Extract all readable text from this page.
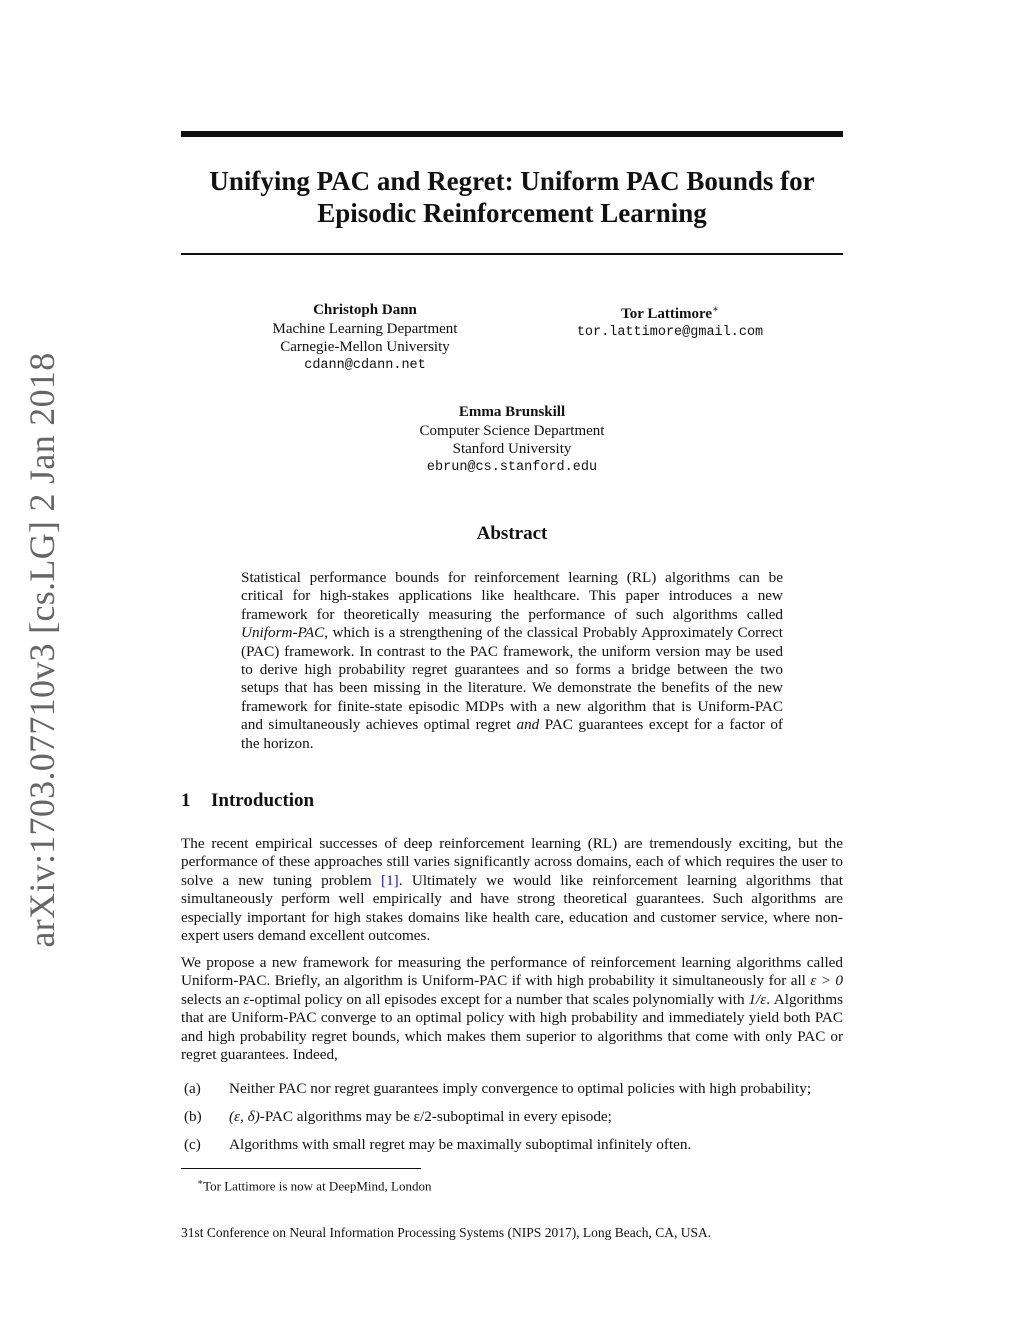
arXiv:1703.07710v3 [cs.LG] 2 Jan 2018
Unifying PAC and Regret: Uniform PAC Bounds for
Episodic Reinforcement Learning
Christoph Dann
Machine Learning Department
Carnegie-Mellon University
cdann@cdann.net
Tor Lattimore∗
tor.lattimore@gmail.com
Emma Brunskill
Computer Science Department
Stanford University
ebrun@cs.stanford.edu
Abstract

Statistical performance bounds for reinforcement learning (RL) algorithms can be critical for high-stakes applications like healthcare. This paper introduces a new framework for theoretically measuring the performance of such algorithms called Uniform-PAC, which is a strengthening of the classical Probably Approximately Correct (PAC) framework. In contrast to the PAC framework, the uniform version may be used to derive high probability regret guarantees and so forms a bridge between the two setups that has been missing in the literature. We demonstrate the benefits of the new framework for finite-state episodic MDPs with a new algorithm that is Uniform-PAC and simultaneously achieves optimal regret and PAC guarantees except for a factor of the horizon.

1 Introduction

The recent empirical successes of deep reinforcement learning (RL) are tremendously exciting, but the performance of these approaches still varies significantly across domains, each of which requires the user to solve a new tuning problem [1]. Ultimately we would like reinforcement learning algorithms that simultaneously perform well empirically and have strong theoretical guarantees. Such algorithms are especially important for high stakes domains like health care, education and customer service, where non-expert users demand excellent outcomes.

We propose a new framework for measuring the performance of reinforcement learning algorithms called Uniform-PAC. Briefly, an algorithm is Uniform-PAC if with high probability it simultaneously for all ε > 0 selects an ε-optimal policy on all episodes except for a number that scales polynomially with 1/ε. Algorithms that are Uniform-PAC converge to an optimal policy with high probability and immediately yield both PAC and high probability regret bounds, which makes them superior to algorithms that come with only PAC or regret guarantees. Indeed,

(a) Neither PAC nor regret guarantees imply convergence to optimal policies with high probability;
(b) (ε, δ)-PAC algorithms may be ε/2-suboptimal in every episode;
(c) Algorithms with small regret may be maximally suboptimal infinitely often.

∗Tor Lattimore is now at DeepMind, London

31st Conference on Neural Information Processing Systems (NIPS 2017), Long Beach, CA, USA.
